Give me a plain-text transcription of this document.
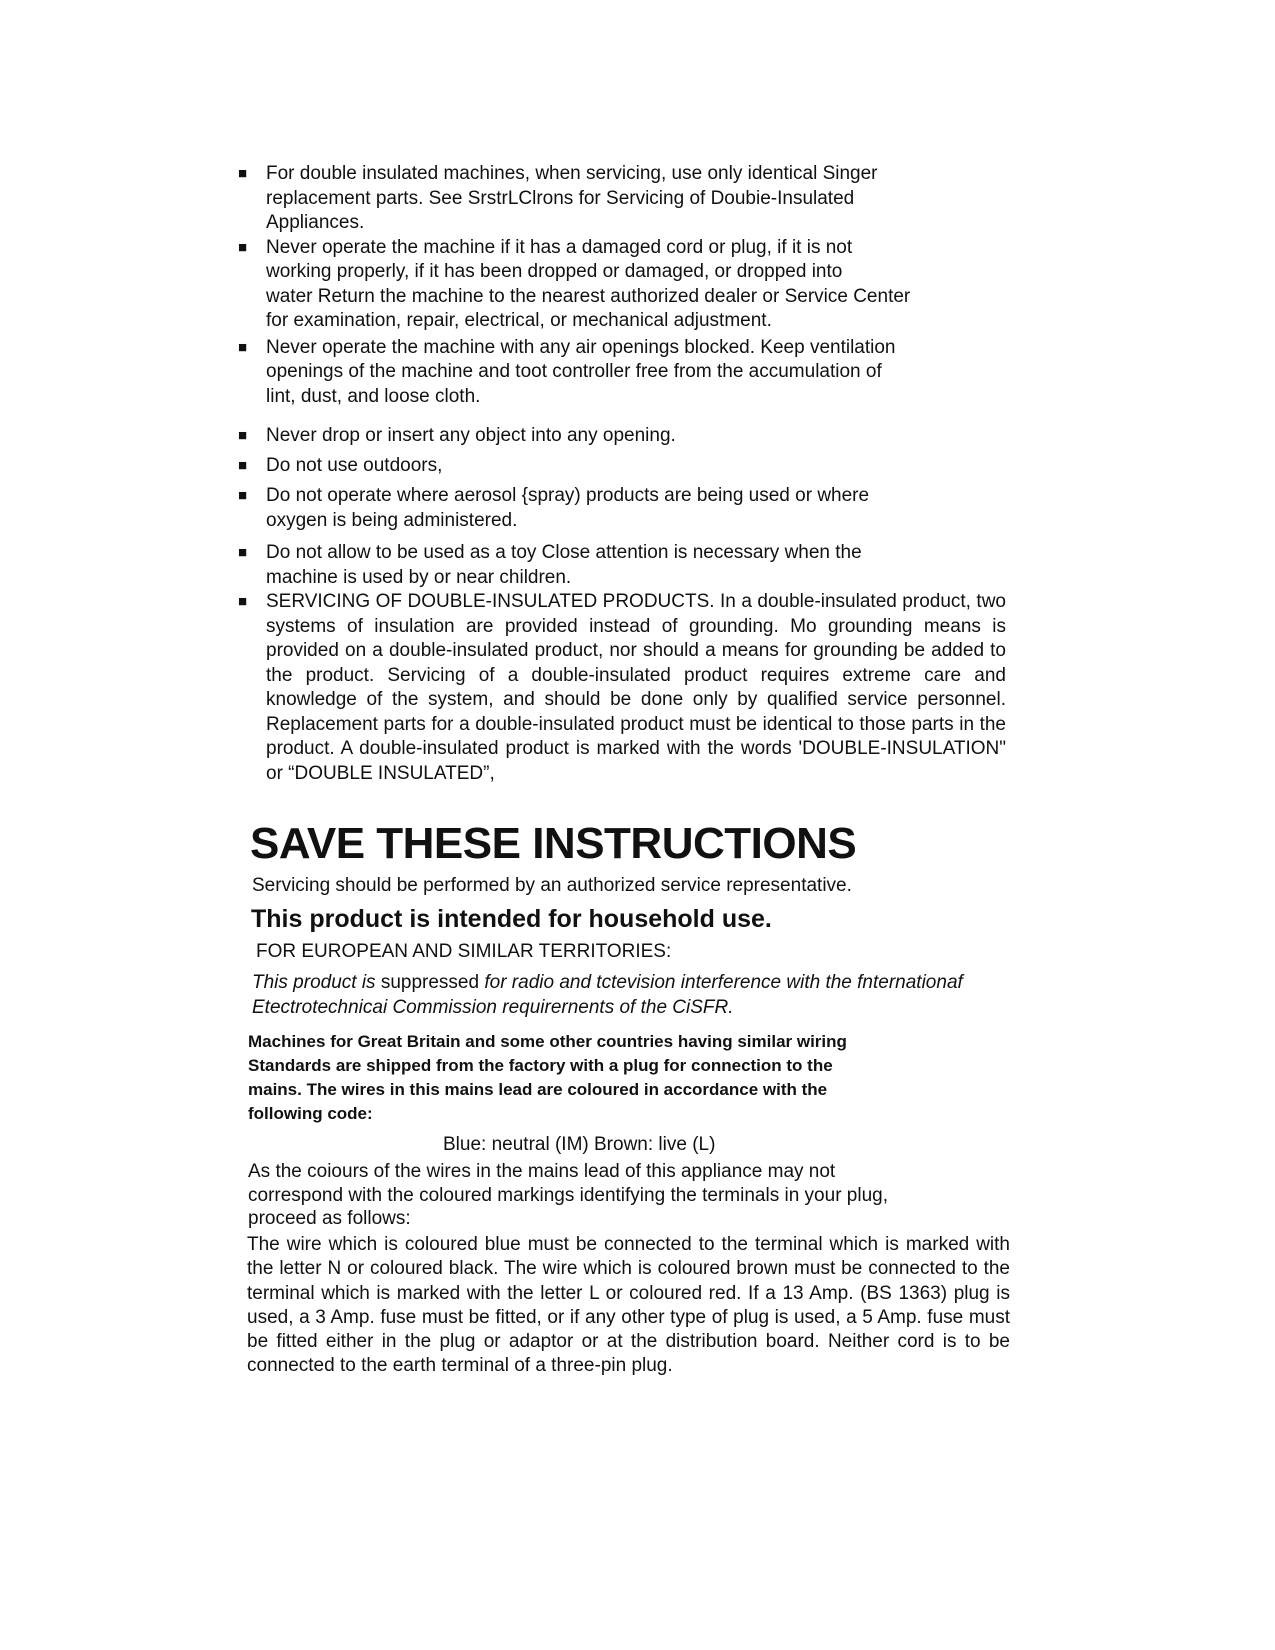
■ For double insulated machines, when servicing, use only identical Singer
replacement parts. See SrstrLClrons for Servicing of Doubie-Insulated
Appliances.
■ Never operate the machine if it has a damaged cord or plug, if it is not
working properly, if it has been dropped or damaged, or dropped into
water Return the machine to the nearest authorized dealer or Service Center
for examination, repair, electrical, or mechanical adjustment.
■ Never operate the machine with any air openings blocked. Keep ventilation
openings of the machine and toot controller free from the accumulation of
lint, dust, and loose cloth.
■ Never drop or insert any object into any opening.
■ Do not use outdoors,
■ Do not operate where aerosol {spray) products are being used or where
oxygen is being administered.
■ Do not allow to be used as a toy Close attention is necessary when the
machine is used by or near children.
■ SERVICING OF DOUBLE-INSULATED PRODUCTS. In a double-insulated product, two systems of insulation are provided instead of grounding. Mo grounding means is provided on a double-insulated product, nor should a means for grounding be added to the product. Servicing of a double-insulated product requires extreme care and knowledge of the system, and should be done only by qualified service personnel. Replacement parts for a double-insulated product must be identical to those parts in the product. A double-insulated product is marked with the words 'DOUBLE-INSULATION" or “DOUBLE INSULATED”,
SAVE THESE INSTRUCTIONS
Servicing should be performed by an authorized service representative.
This product is intended for household use.
FOR EUROPEAN AND SIMILAR TERRITORIES:
This product is suppressed for radio and tctevision interference with the fnternationaf Etectrotechnicai Commission requirernents of the CiSFR.
Machines for Great Britain and some other countries having similar wiring
Standards are shipped from the factory with a plug for connection to the
mains. The wires in this mains lead are coloured in accordance with the
following code:
Blue: neutral (IM) Brown: live (L)
As the coiours of the wires in the mains lead of this appliance may not
correspond with the coloured markings identifying the terminals in your plug,
proceed as follows:
The wire which is coloured blue must be connected to the terminal which is marked with the letter N or coloured black. The wire which is coloured brown must be connected to the terminal which is marked with the letter L or coloured red. If a 13 Amp. (BS 1363) plug is used, a 3 Amp. fuse must be fitted, or if any other type of plug is used, a 5 Amp. fuse must be fitted either in the plug or adaptor or at the distribution board. Neither cord is to be connected to the earth terminal of a three-pin plug.
